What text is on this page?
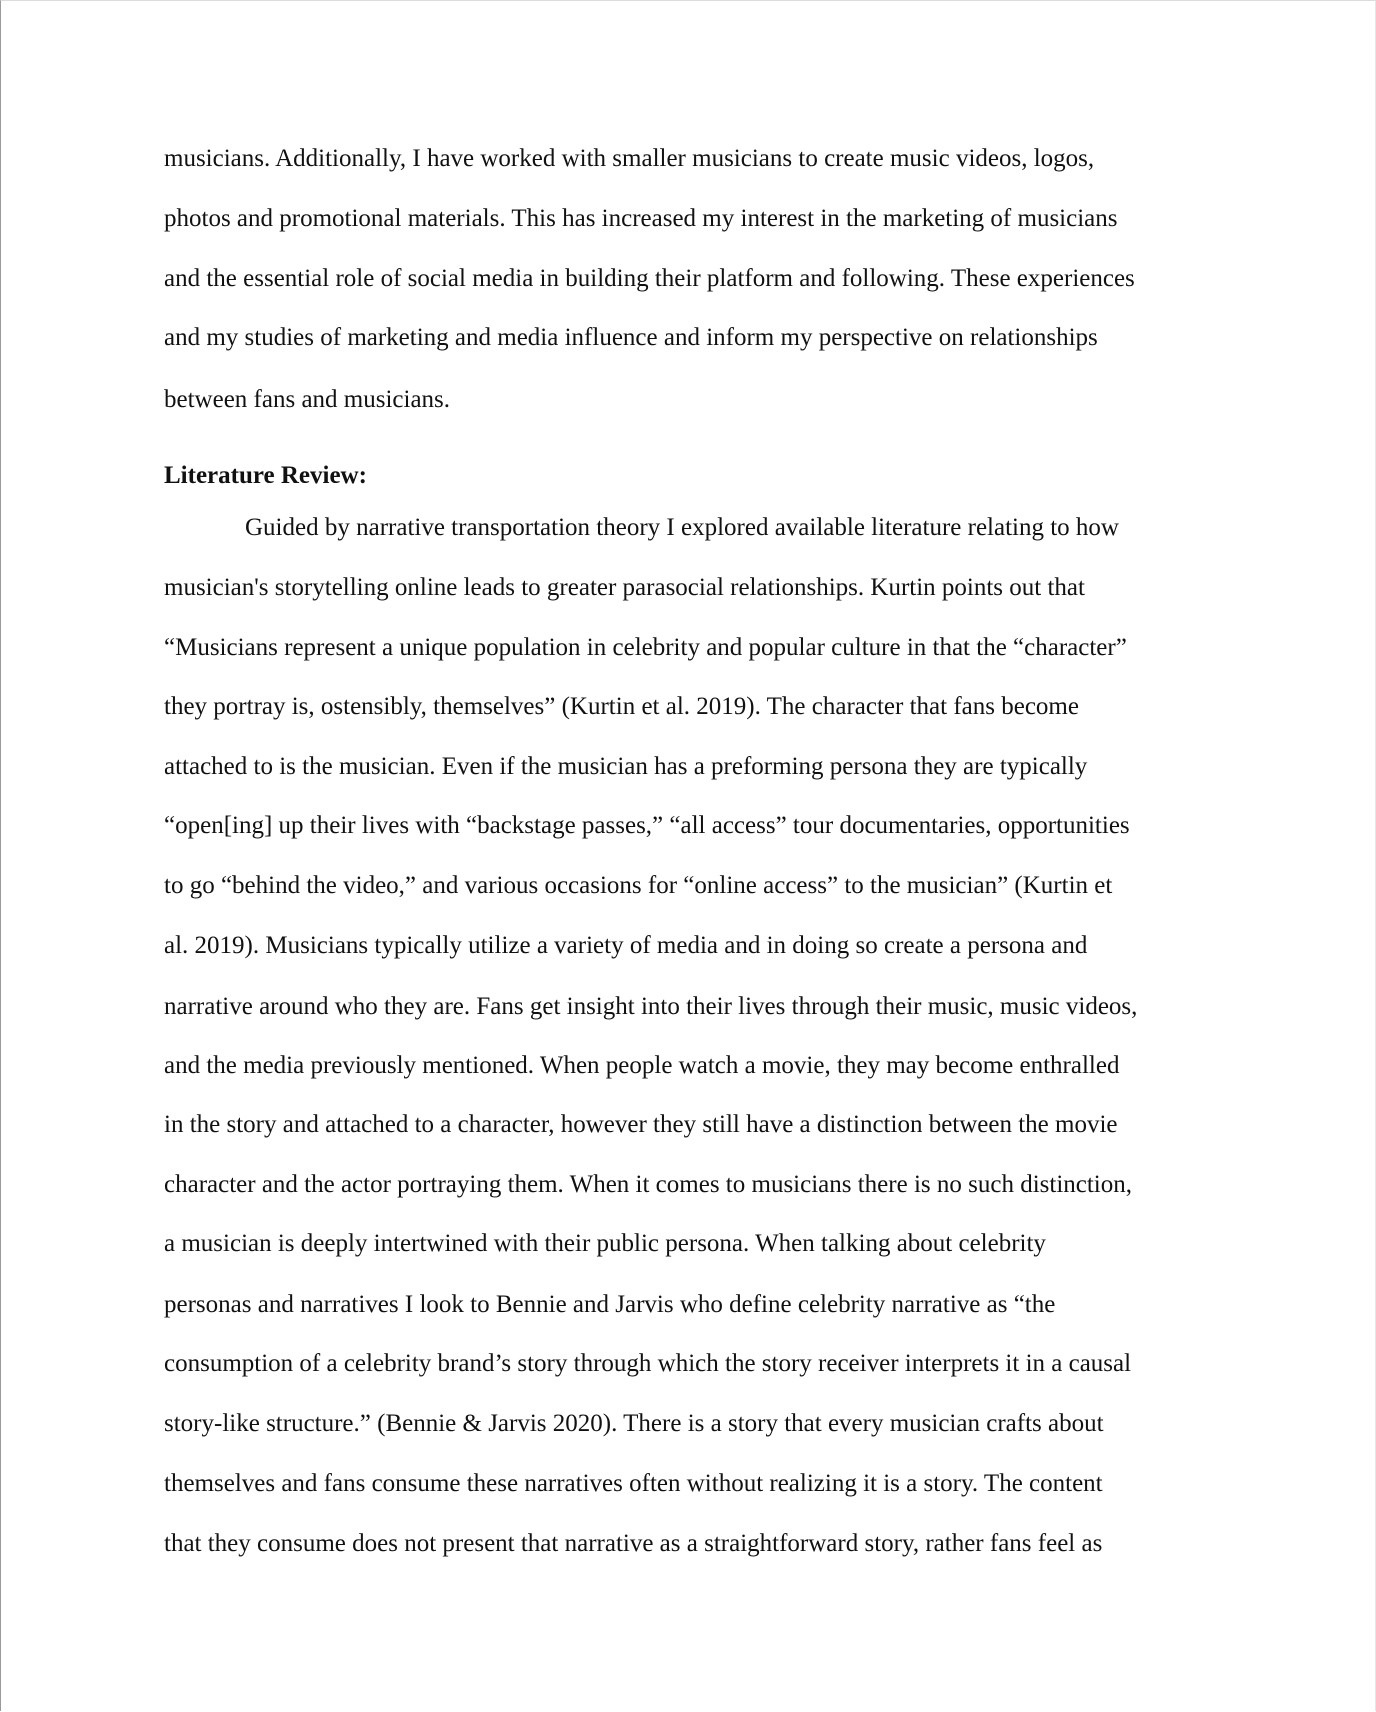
musicians. Additionally, I have worked with smaller musicians to create music videos, logos,
photos and promotional materials. This has increased my interest in the marketing of musicians
and the essential role of social media in building their platform and following. These experiences
and my studies of marketing and media influence and inform my perspective on relationships
between fans and musicians.
Literature Review:
Guided by narrative transportation theory I explored available literature relating to how
musician's storytelling online leads to greater parasocial relationships. Kurtin points out that
“Musicians represent a unique population in celebrity and popular culture in that the “character”
they portray is, ostensibly, themselves” (Kurtin et al. 2019). The character that fans become
attached to is the musician. Even if the musician has a preforming persona they are typically
“open[ing] up their lives with “backstage passes,” “all access” tour documentaries, opportunities
to go “behind the video,” and various occasions for “online access” to the musician” (Kurtin et
al. 2019). Musicians typically utilize a variety of media and in doing so create a persona and
narrative around who they are. Fans get insight into their lives through their music, music videos,
and the media previously mentioned. When people watch a movie, they may become enthralled
in the story and attached to a character, however they still have a distinction between the movie
character and the actor portraying them. When it comes to musicians there is no such distinction,
a musician is deeply intertwined with their public persona. When talking about celebrity
personas and narratives I look to Bennie and Jarvis who define celebrity narrative as “the
consumption of a celebrity brand’s story through which the story receiver interprets it in a causal
story-like structure.” (Bennie & Jarvis 2020). There is a story that every musician crafts about
themselves and fans consume these narratives often without realizing it is a story. The content
that they consume does not present that narrative as a straightforward story, rather fans feel as
